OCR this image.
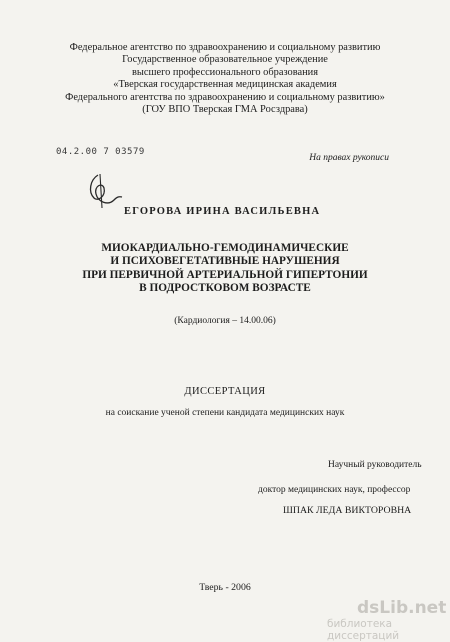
Федеральное агентство по здравоохранению и социальному развитию
Государственное образовательное учреждение
высшего профессионального образования
«Тверская государственная медицинская академия
Федерального агентства по здравоохранению и социальному развитию»
(ГОУ ВПО Тверская ГМА Росздрава)
04.2.00 7 03579
На правах рукописи
ЕГОРОВА ИРИНА ВАСИЛЬЕВНА
МИОКАРДИАЛЬНО-ГЕМОДИНАМИЧЕСКИЕ
И ПСИХОВЕГЕТАТИВНЫЕ НАРУШЕНИЯ
ПРИ ПЕРВИЧНОЙ АРТЕРИАЛЬНОЙ ГИПЕРТОНИИ
В ПОДРОСТКОВОМ ВОЗРАСТЕ
(Кардиология – 14.00.06)
ДИССЕРТАЦИЯ
на соискание ученой степени кандидата медицинских наук
Научный руководитель
доктор медицинских наук, профессор
ШПАК ЛЕДА ВИКТОРОВНА
Тверь - 2006
dsLib.net
библиотека диссертаций
